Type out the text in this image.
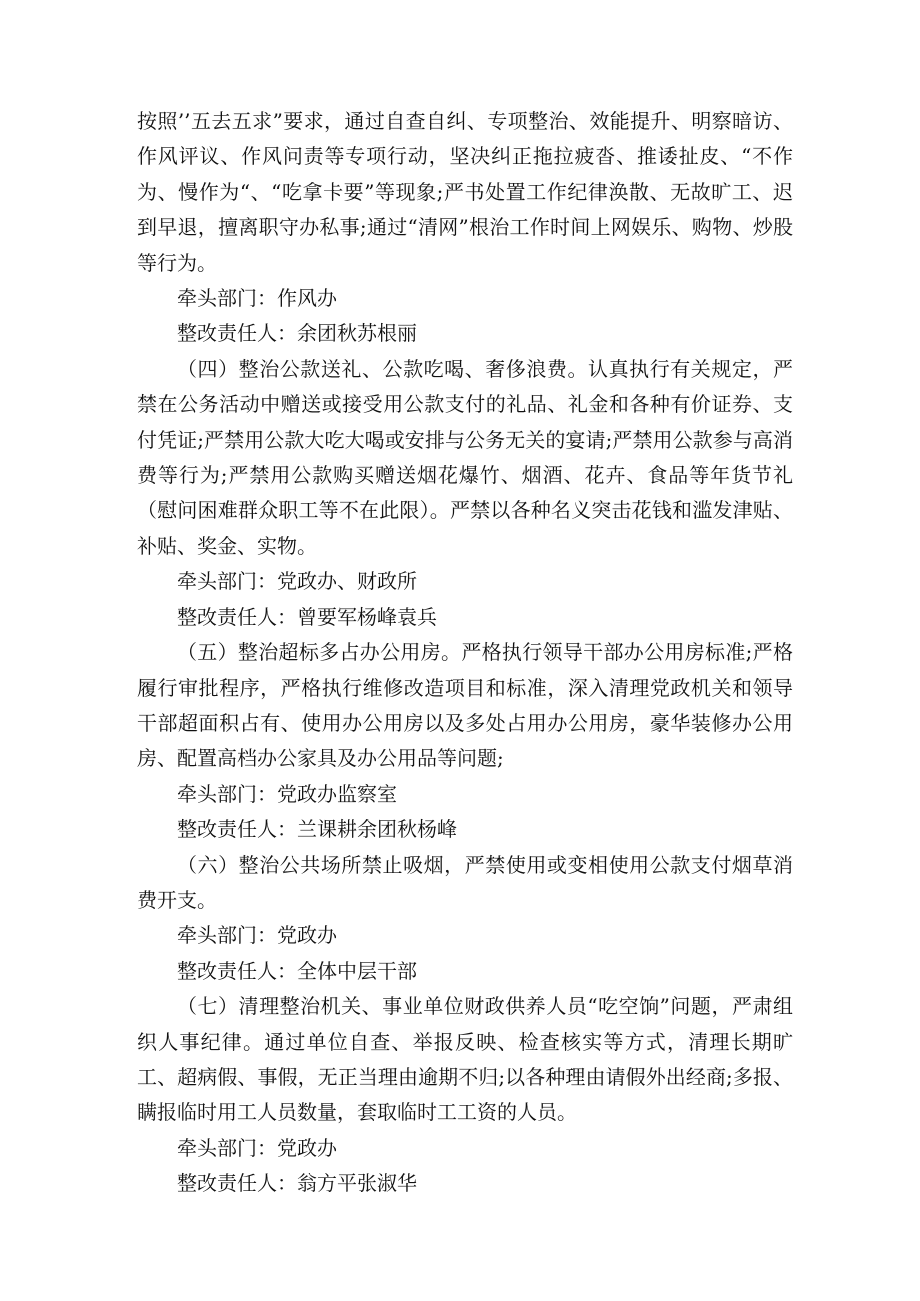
按照’’五去五求”要求，通过自查自纠、专项整治、效能提升、明察暗访、作风评议、作风问责等专项行动，坚决纠正拖拉疲沓、推诿扯皮、“不作为、慢作为“、“吃拿卡要”等现象;严书处置工作纪律涣散、无故旷工、迟到早退，擅离职守办私事;通过“清网”根治工作时间上网娱乐、购物、炒股等行为。

牵头部门：作风办

整改责任人：余团秋苏根丽

（四）整治公款送礼、公款吃喝、奢侈浪费。认真执行有关规定，严禁在公务活动中赠送或接受用公款支付的礼品、礼金和各种有价证券、支付凭证;严禁用公款大吃大喝或安排与公务无关的宴请;严禁用公款参与高消费等行为;严禁用公款购买赠送烟花爆竹、烟酒、花卉、食品等年货节礼（慰问困难群众职工等不在此限）。严禁以各种名义突击花钱和滥发津贴、补贴、奖金、实物。

牵头部门：党政办、财政所

整改责任人：曾要军杨峰袁兵

（五）整治超标多占办公用房。严格执行领导干部办公用房标准;严格履行审批程序，严格执行维修改造项目和标准，深入清理党政机关和领导干部超面积占有、使用办公用房以及多处占用办公用房，豪华装修办公用房、配置高档办公家具及办公用品等问题;

牵头部门：党政办监察室

整改责任人：兰课耕余团秋杨峰

（六）整治公共场所禁止吸烟，严禁使用或变相使用公款支付烟草消费开支。

牵头部门：党政办

整改责任人：全体中层干部

（七）清理整治机关、事业单位财政供养人员“吃空饷”问题，严肃组织人事纪律。通过单位自查、举报反映、检查核实等方式，清理长期旷工、超病假、事假，无正当理由逾期不归;以各种理由请假外出经商;多报、瞒报临时用工人员数量，套取临时工工资的人员。

牵头部门：党政办

整改责任人：翁方平张淑华
